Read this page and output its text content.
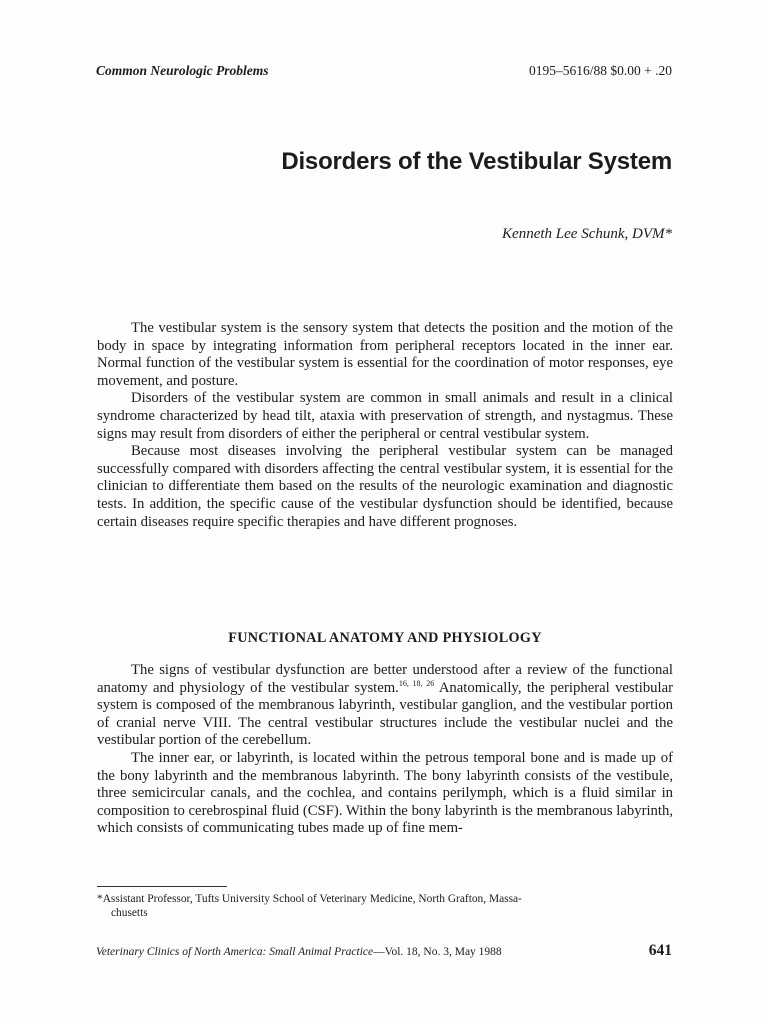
Common Neurologic Problems	0195–5616/88 $0.00 + .20
Disorders of the Vestibular System
Kenneth Lee Schunk, DVM*

The vestibular system is the sensory system that detects the position and the motion of the body in space by integrating information from peripheral receptors located in the inner ear. Normal function of the vestibular system is essential for the coordination of motor responses, eye movement, and posture.

Disorders of the vestibular system are common in small animals and result in a clinical syndrome characterized by head tilt, ataxia with preservation of strength, and nystagmus. These signs may result from disorders of either the peripheral or central vestibular system.

Because most diseases involving the peripheral vestibular system can be managed successfully compared with disorders affecting the central vestibular system, it is essential for the clinician to differentiate them based on the results of the neurologic examination and diagnostic tests. In addition, the specific cause of the vestibular dysfunction should be identified, because certain diseases require specific therapies and have different prognoses.

FUNCTIONAL ANATOMY AND PHYSIOLOGY

The signs of vestibular dysfunction are better understood after a review of the functional anatomy and physiology of the vestibular system.$^{16, 18, 26}$ Anatomically, the peripheral vestibular system is composed of the membranous labyrinth, vestibular ganglion, and the vestibular portion of cranial nerve VIII. The central vestibular structures include the vestibular nuclei and the vestibular portion of the cerebellum.

The inner ear, or labyrinth, is located within the petrous temporal bone and is made up of the bony labyrinth and the membranous labyrinth. The bony labyrinth consists of the vestibule, three semicircular canals, and the cochlea, and contains perilymph, which is a fluid similar in composition to cerebrospinal fluid (CSF). Within the bony labyrinth is the membranous labyrinth, which consists of communicating tubes made up of fine mem-

*Assistant Professor, Tufts University School of Veterinary Medicine, North Grafton, Massa-
chusetts
Veterinary Clinics of North America: Small Animal Practice—Vol. 18, No. 3, May 1988	641
